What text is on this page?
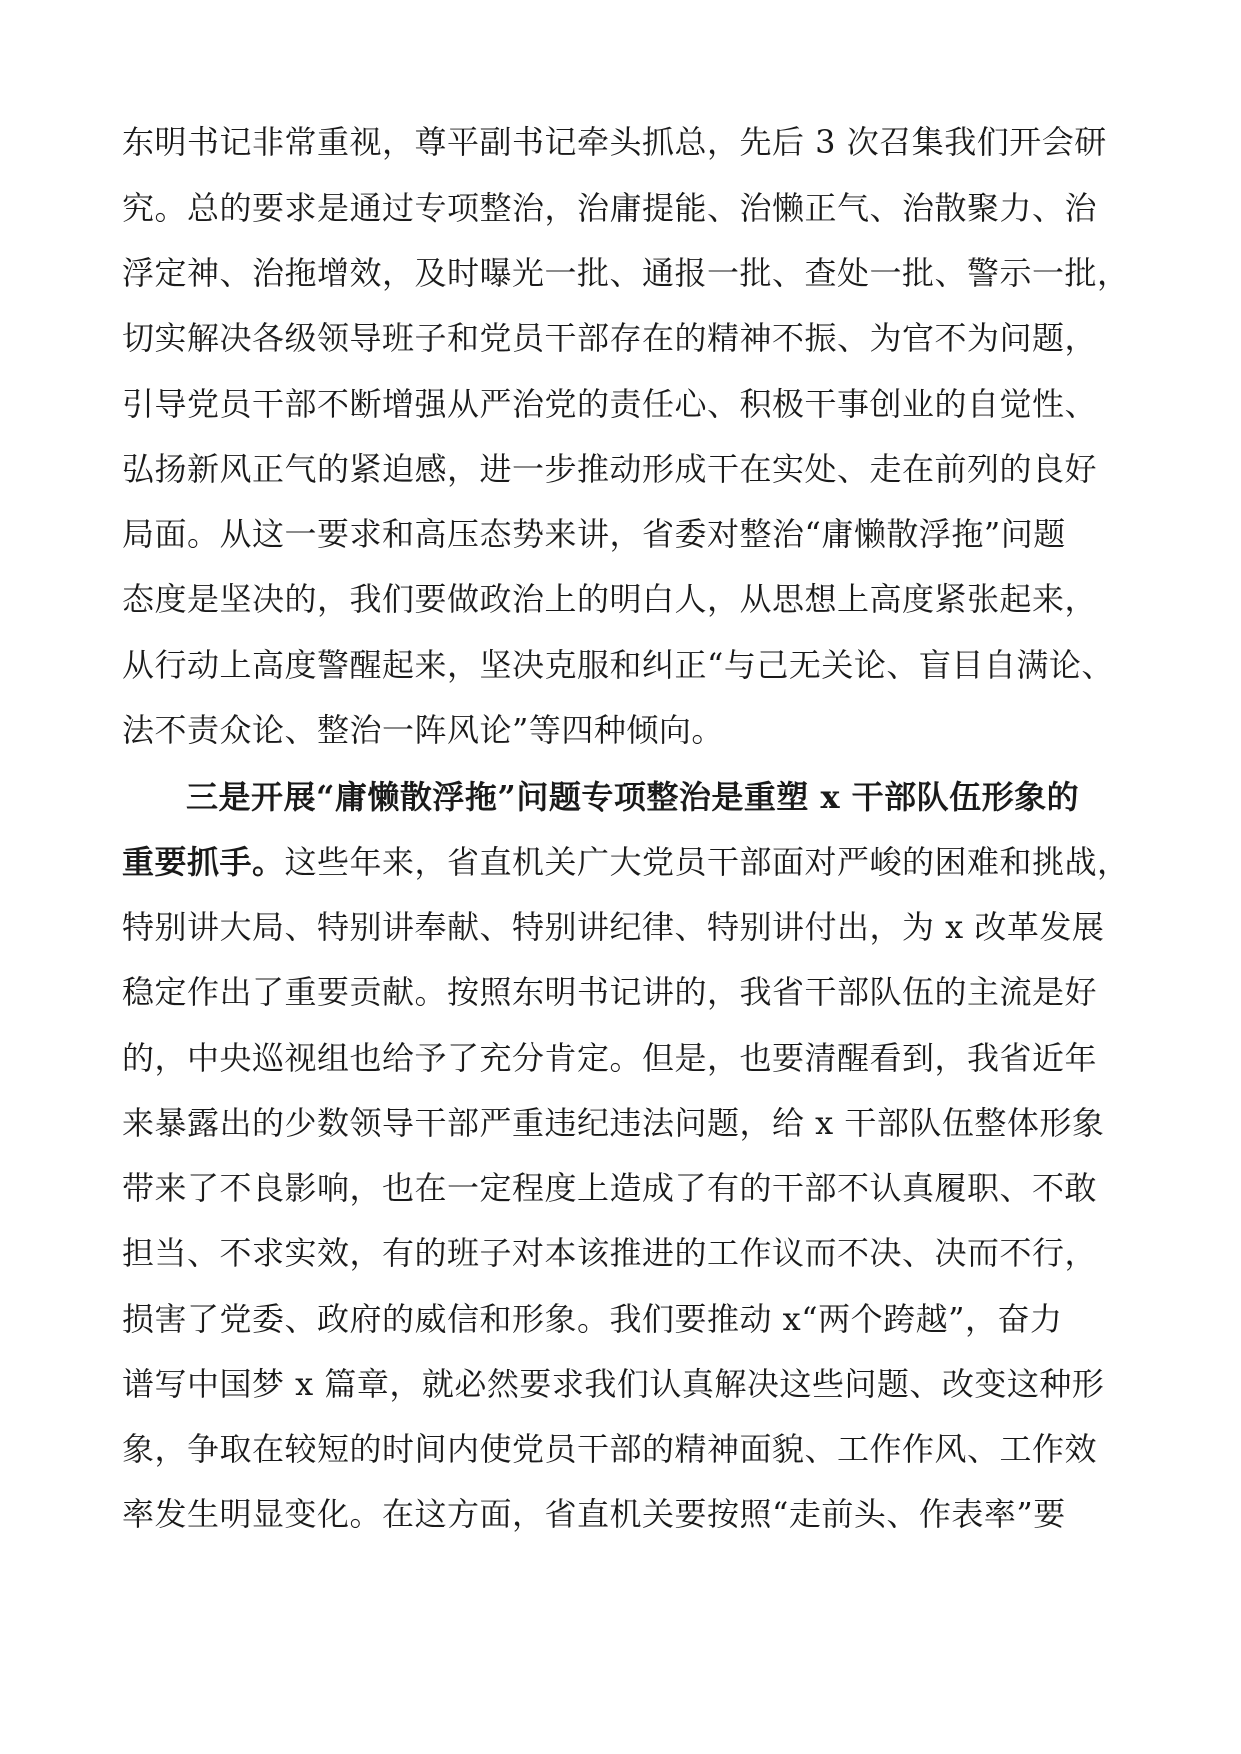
东明书记非常重视，尊平副书记牵头抓总，先后 3 次召集我们开会研
究。总的要求是通过专项整治，治庸提能、治懒正气、治散聚力、治
浮定神、治拖增效，及时曝光一批、通报一批、查处一批、警示一批，
切实解决各级领导班子和党员干部存在的精神不振、为官不为问题，
引导党员干部不断增强从严治党的责任心、积极干事创业的自觉性、
弘扬新风正气的紧迫感，进一步推动形成干在实处、走在前列的良好
局面。从这一要求和高压态势来讲，省委对整治“庸懒散浮拖”问题
态度是坚决的，我们要做政治上的明白人，从思想上高度紧张起来，
从行动上高度警醒起来，坚决克服和纠正“与己无关论、盲目自满论、
法不责众论、整治一阵风论”等四种倾向。
三是开展“庸懒散浮拖”问题专项整治是重塑 x 干部队伍形象的
重要抓手。这些年来，省直机关广大党员干部面对严峻的困难和挑战，
特别讲大局、特别讲奉献、特别讲纪律、特别讲付出，为 x 改革发展
稳定作出了重要贡献。按照东明书记讲的，我省干部队伍的主流是好
的，中央巡视组也给予了充分肯定。但是，也要清醒看到，我省近年
来暴露出的少数领导干部严重违纪违法问题，给 x 干部队伍整体形象
带来了不良影响，也在一定程度上造成了有的干部不认真履职、不敢
担当、不求实效，有的班子对本该推进的工作议而不决、决而不行，
损害了党委、政府的威信和形象。我们要推动 x“两个跨越”，奋力
谱写中国梦 x 篇章，就必然要求我们认真解决这些问题、改变这种形
象，争取在较短的时间内使党员干部的精神面貌、工作作风、工作效
率发生明显变化。在这方面，省直机关要按照“走前头、作表率”要
